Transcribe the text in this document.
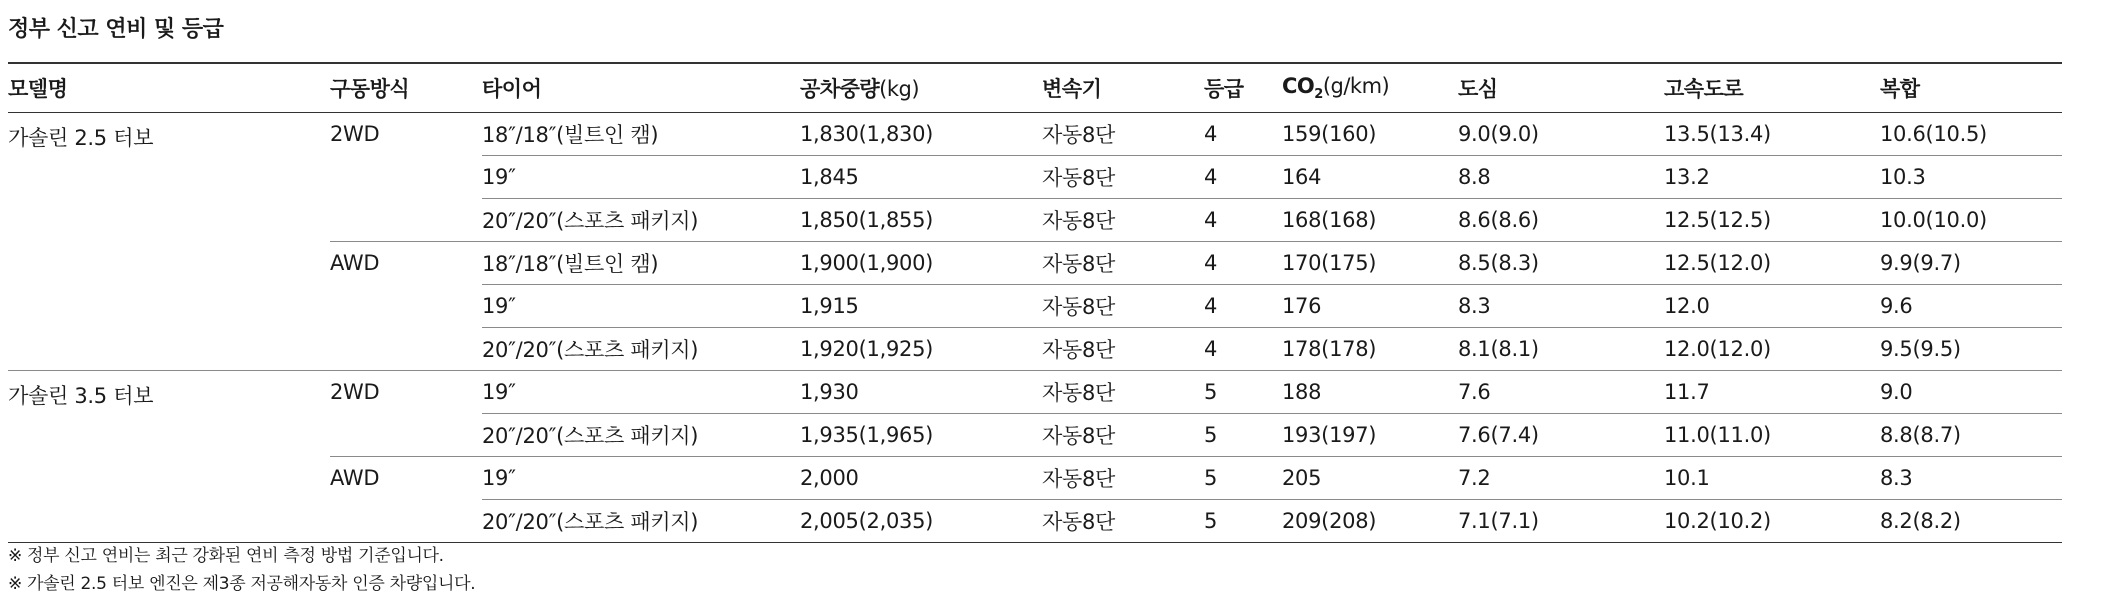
정부 신고 연비 및 등급
모델명	구동방식	타이어	공차중량(kg)	변속기	등급	$CO_2(g/km)$	도심	고속도로	복합
가솔린 2.5 터보	2WD	18″/18″(빌트인 캠)	1,830(1,830)	자동8단	4	159(160)	9.0(9.0)	13.5(13.4)	10.6(10.5)
		19″	1,845	자동8단	4	164	8.8	13.2	10.3
		20″/20″(스포츠 패키지)	1,850(1,855)	자동8단	4	168(168)	8.6(8.6)	12.5(12.5)	10.0(10.0)
	AWD	18″/18″(빌트인 캠)	1,900(1,900)	자동8단	4	170(175)	8.5(8.3)	12.5(12.0)	9.9(9.7)
		19″	1,915	자동8단	4	176	8.3	12.0	9.6
		20″/20″(스포츠 패키지)	1,920(1,925)	자동8단	4	178(178)	8.1(8.1)	12.0(12.0)	9.5(9.5)
가솔린 3.5 터보	2WD	19″	1,930	자동8단	5	188	7.6	11.7	9.0
		20″/20″(스포츠 패키지)	1,935(1,965)	자동8단	5	193(197)	7.6(7.4)	11.0(11.0)	8.8(8.7)
	AWD	19″	2,000	자동8단	5	205	7.2	10.1	8.3
		20″/20″(스포츠 패키지)	2,005(2,035)	자동8단	5	209(208)	7.1(7.1)	10.2(10.2)	8.2(8.2)
※ 정부 신고 연비는 최근 강화된 연비 측정 방법 기준입니다.
※ 가솔린 2.5 터보 엔진은 제3종 저공해자동차 인증 차량입니다.
